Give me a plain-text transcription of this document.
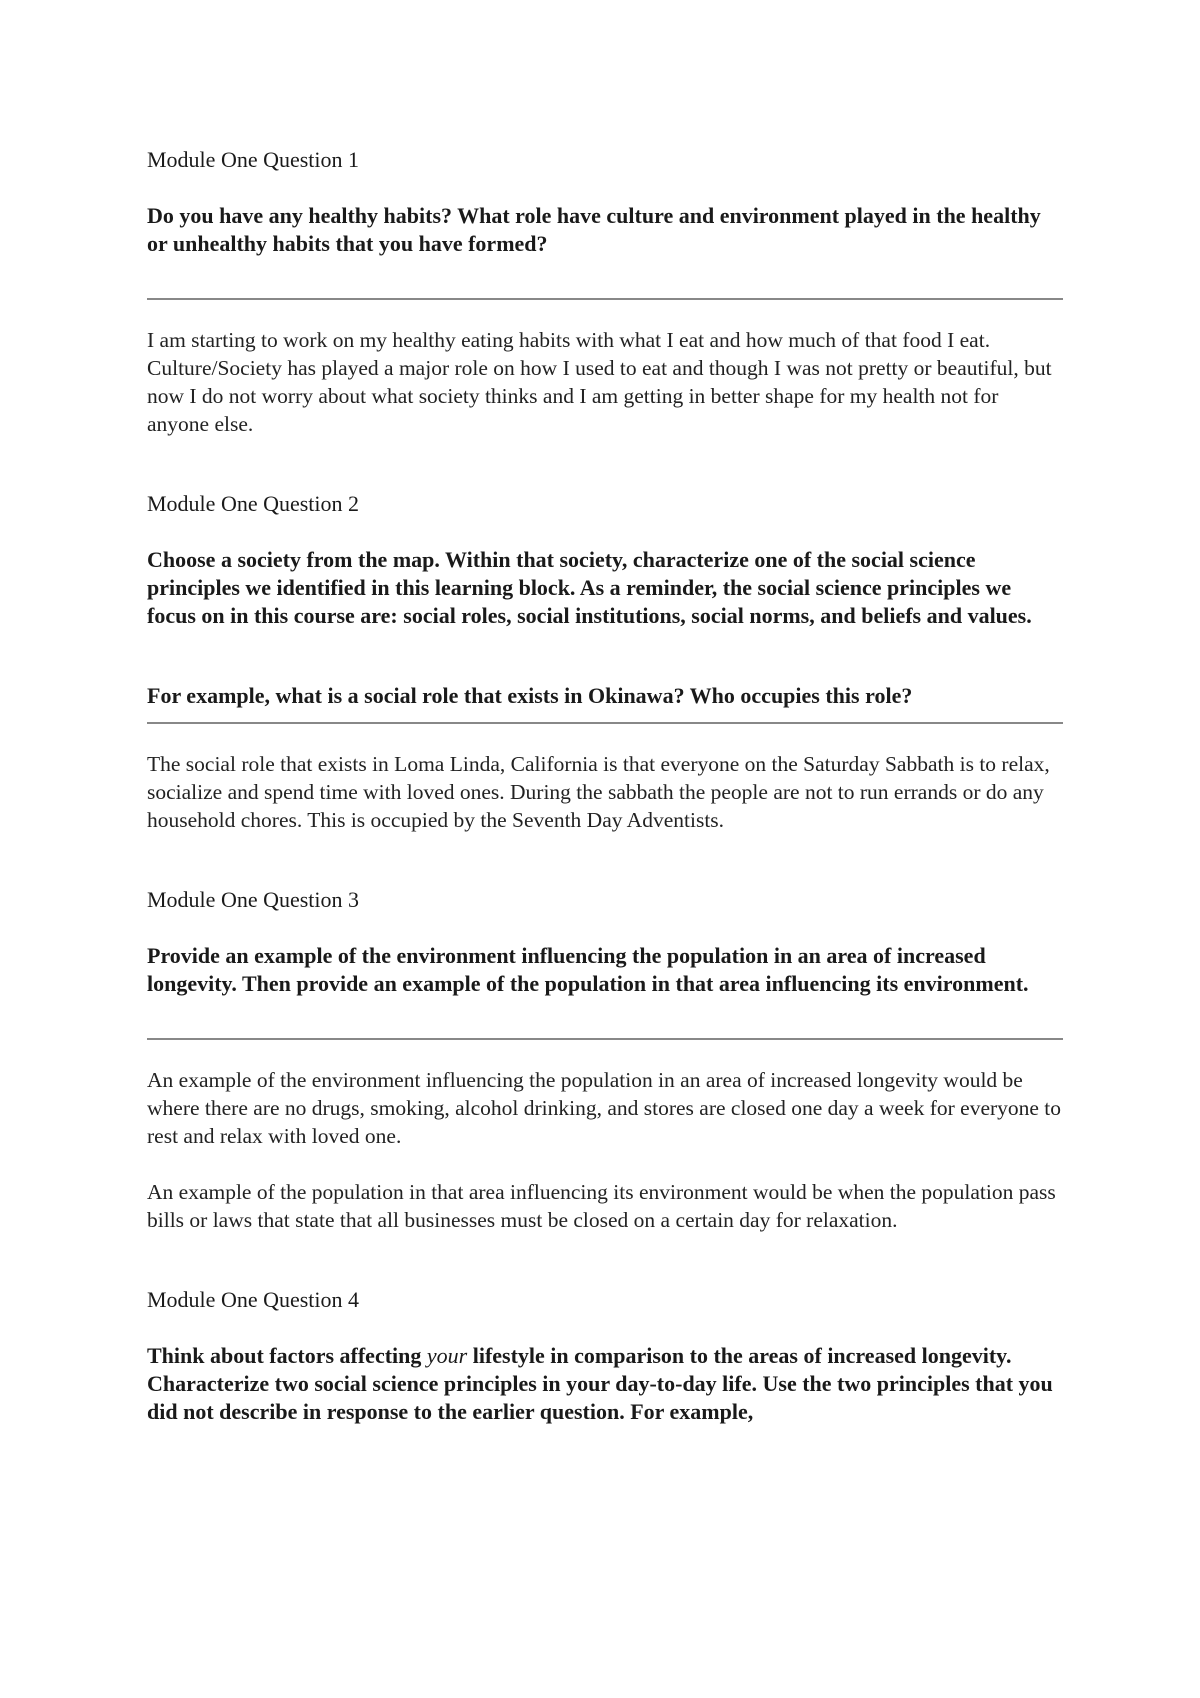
Module One Question 1

Do you have any healthy habits? What role have culture and environment played in the healthy or unhealthy habits that you have formed?

I am starting to work on my healthy eating habits with what I eat and how much of that food I eat. Culture/Society has played a major role on how I used to eat and though I was not pretty or beautiful, but now I do not worry about what society thinks and I am getting in better shape for my health not for anyone else.

Module One Question 2

Choose a society from the map. Within that society, characterize one of the social science principles we identified in this learning block. As a reminder, the social science principles we focus on in this course are: social roles, social institutions, social norms, and beliefs and values.

For example, what is a social role that exists in Okinawa? Who occupies this role?

The social role that exists in Loma Linda, California is that everyone on the Saturday Sabbath is to relax, socialize and spend time with loved ones. During the sabbath the people are not to run errands or do any household chores. This is occupied by the Seventh Day Adventists.

Module One Question 3

Provide an example of the environment influencing the population in an area of increased longevity. Then provide an example of the population in that area influencing its environment.

An example of the environment influencing the population in an area of increased longevity would be where there are no drugs, smoking, alcohol drinking, and stores are closed one day a week for everyone to rest and relax with loved one.

An example of the population in that area influencing its environment would be when the population pass bills or laws that state that all businesses must be closed on a certain day for relaxation.

Module One Question 4

Think about factors affecting your lifestyle in comparison to the areas of increased longevity. Characterize two social science principles in your day-to-day life. Use the two principles that you did not describe in response to the earlier question. For example,
